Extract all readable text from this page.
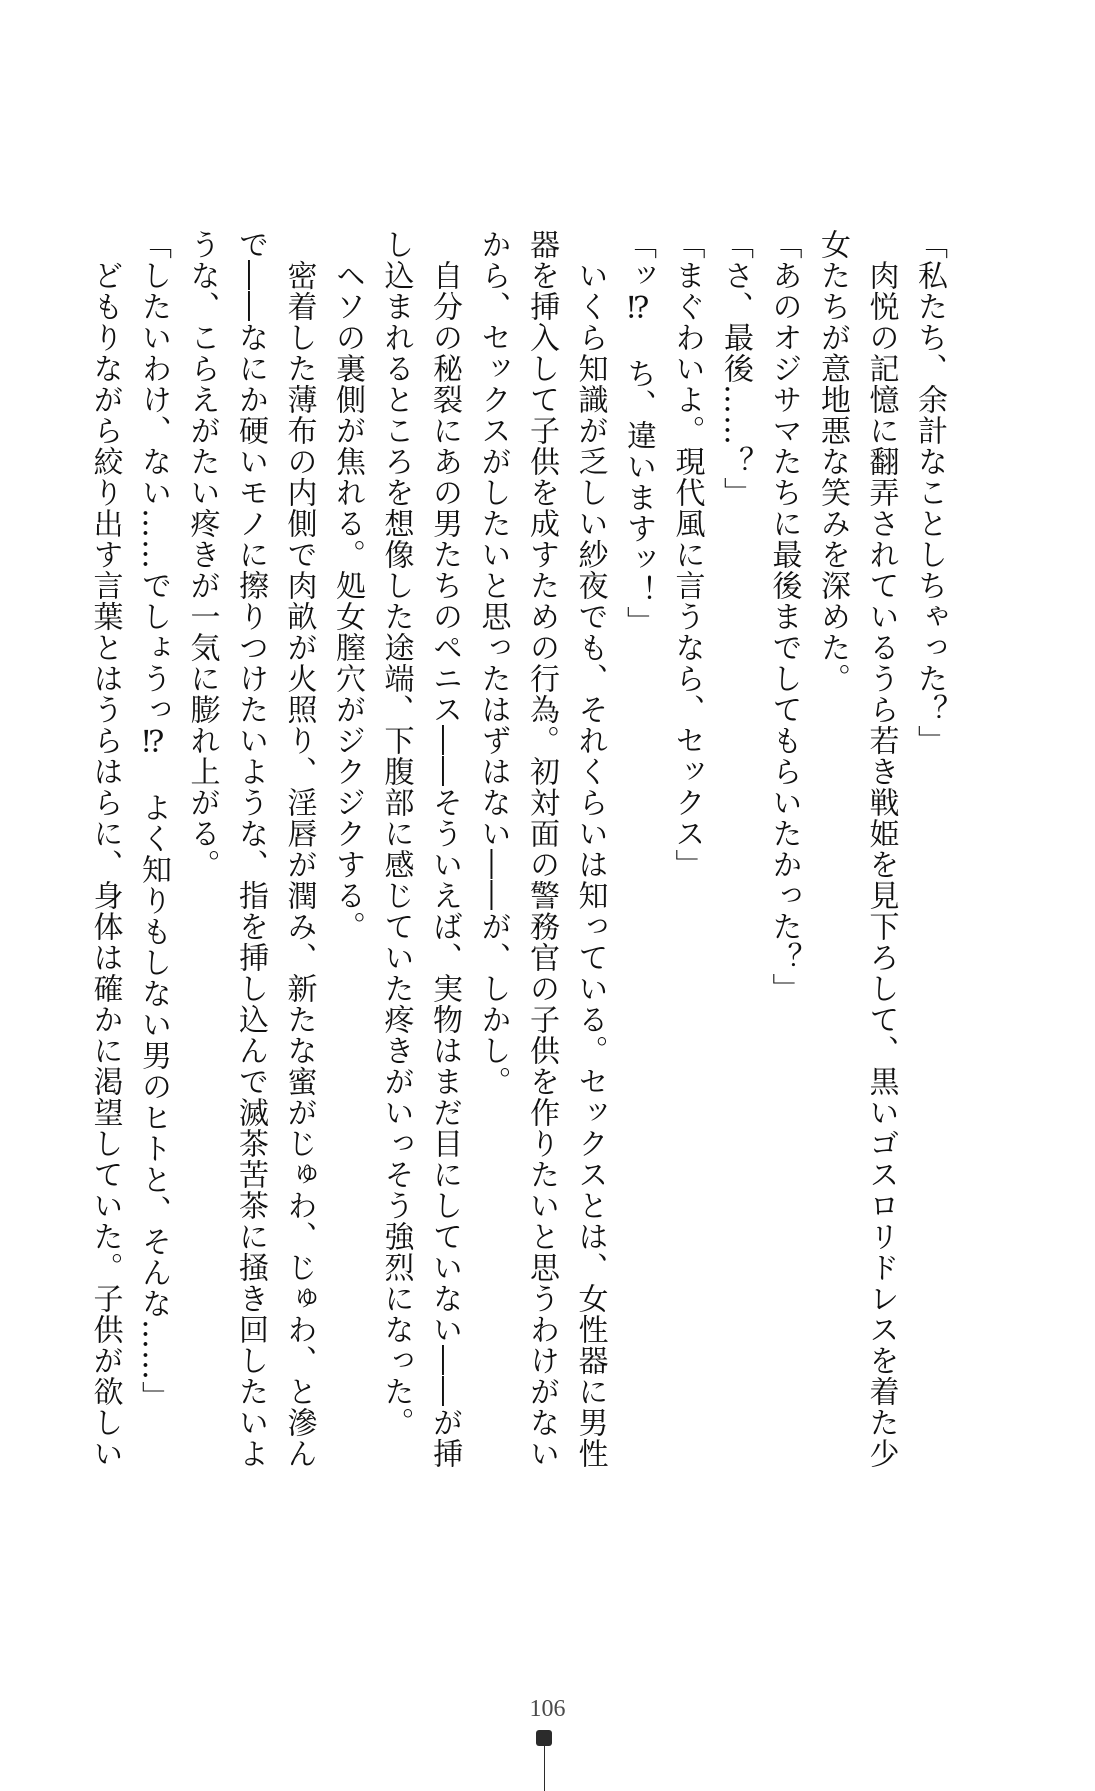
「私たち、余計なことしちゃった？」
　肉悦の記憶に翻弄されているうら若き戦姫を見下ろして、黒いゴスロリドレスを着た少
女たちが意地悪な笑みを深めた。
「あのオジサマたちに最後までしてもらいたかった？」
「さ、最後……？」
「まぐわいよ。現代風に言うなら、セックス」
「ッ⁉　ち、違いますッ！」
　いくら知識が乏しい紗夜でも、それくらいは知っている。セックスとは、女性器に男性
器を挿入して子供を成すための行為。初対面の警務官の子供を作りたいと思うわけがない
から、セックスがしたいと思ったはずはない――が、しかし。
　自分の秘裂にあの男たちのペニス――そういえば、実物はまだ目にしていない――が挿
し込まれるところを想像した途端、下腹部に感じていた疼きがいっそう強烈になった。
　ヘソの裏側が焦れる。処女膣穴がジクジクする。
　密着した薄布の内側で肉畝が火照り、淫唇が潤み、新たな蜜がじゅわ、じゅわ、と滲ん
で――なにか硬いモノに擦りつけたいような、指を挿し込んで滅茶苦茶に掻き回したいよ
うな、こらえがたい疼きが一気に膨れ上がる。
「したいわけ、ない……でしょうっ⁉　よく知りもしない男のヒトと、そんな……」
　どもりながら絞り出す言葉とはうらはらに、身体は確かに渇望していた。子供が欲しい
106
